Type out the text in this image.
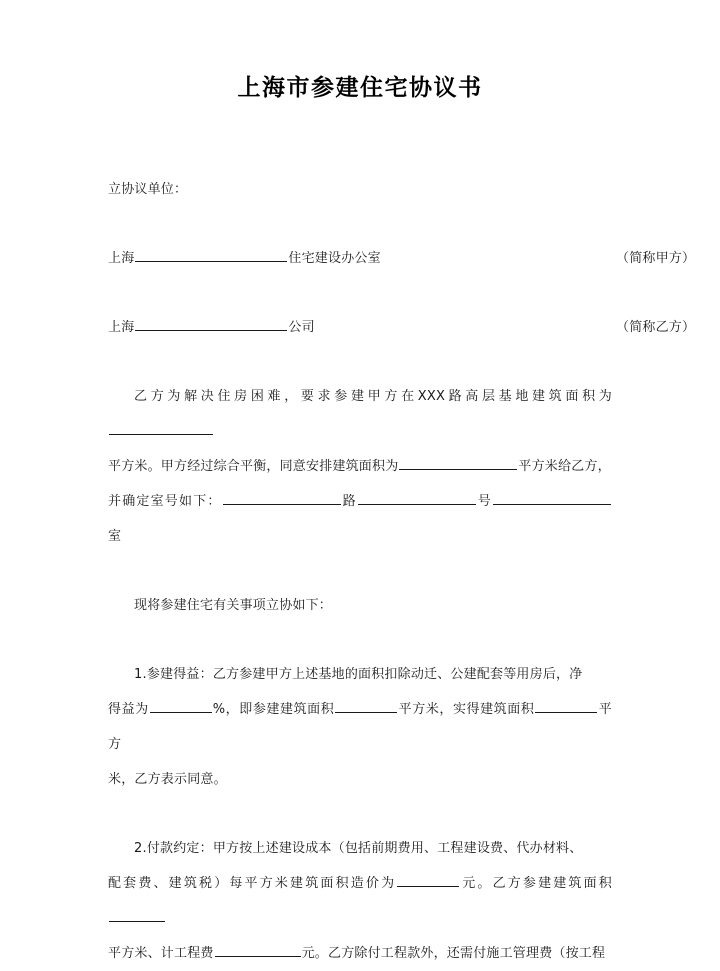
上海市参建住宅协议书
立协议单位：
上海	住宅建设办公室	（简称甲方）
上海	公司	（简称乙方）
乙方为解决住房困难，要求参建甲方在XXX路高层基地建筑面积为
平方米。甲方经过综合平衡，同意安排建筑面积为	平方米给乙方，
并确定室号如下：	路	号室
现将参建住宅有关事项立协如下：
1.参建得益：乙方参建甲方上述基地的面积扣除动迁、公建配套等用房后，净
得益为	%，即参建建筑面积	平方米，实得建筑面积	平方
米，乙方表示同意。
2.付款约定：甲方按上述建设成本（包括前期费用、工程建设费、代办材料、
配套费、建筑税）每平方米建筑面积造价为	元。乙方参建建筑面积
平方米、计工程费	元。乙方除付工程款外，还需付施工管理费（按工程
